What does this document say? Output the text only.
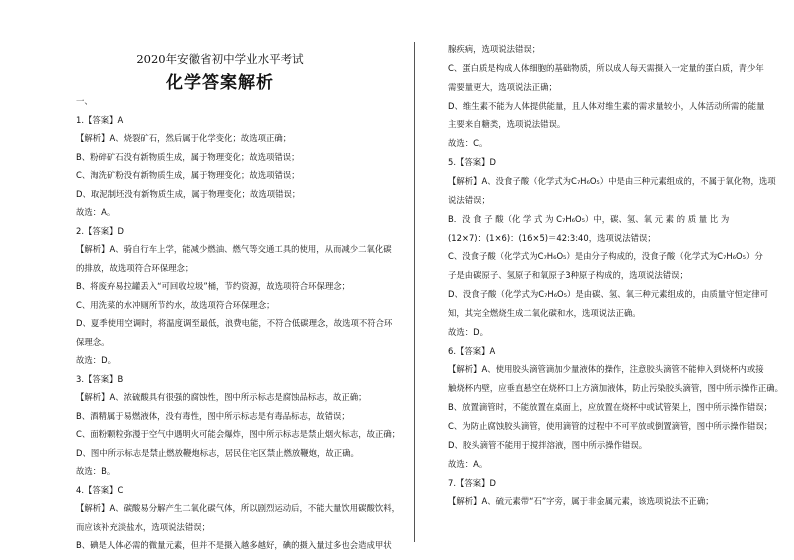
2020年安徽省初中学业水平考试
化学答案解析
一、
1.【答案】A
【解析】A、烧裂矿石，然后属于化学变化；故选项正确；
B、粉碎矿石没有新物质生成，属于物理变化；故选项错误；
C、淘洗矿粉没有新物质生成，属于物理变化；故选项错误；
D、取泥制坯没有新物质生成，属于物理变化；故选项错误；
故选：A。
2.【答案】D
【解析】A、骑自行车上学，能减少燃油、燃气等交通工具的使用，从而减少二氧化碳
的排放，故选项符合环保理念；
B、将废弃易拉罐丢入“可回收垃圾”桶，节约资源，故选项符合环保理念；
C、用洗菜的水冲厕所节约水，故选项符合环保理念；
D、夏季使用空调时，将温度调至最低，浪费电能，不符合低碳理念，故选项不符合环
保理念。
故选：D。
3.【答案】B
【解析】A、浓硫酸具有很强的腐蚀性，图中所示标志是腐蚀品标志，故正确；
B、酒精属于易燃液体，没有毒性，图中所示标志是有毒品标志，故错误；
C、面粉颗粒弥漫于空气中遇明火可能会爆炸，图中所示标志是禁止烟火标志，故正确；
D、图中所示标志是禁止燃放鞭炮标志，居民住宅区禁止燃放鞭炮，故正确。
故选：B。
4.【答案】C
【解析】A、碳酸易分解产生二氧化碳气体，所以剧烈运动后，不能大量饮用碳酸饮料，
而应该补充淡盐水，选项说法错误；
B、碘是人体必需的微量元素，但并不是摄入越多越好，碘的摄入量过多也会造成甲状
腺疾病，选项说法错误；
C、蛋白质是构成人体细胞的基础物质，所以成人每天需摄入一定量的蛋白质，青少年
需要量更大，选项说法正确；
D、维生素不能为人体提供能量，且人体对维生素的需求量较小，人体活动所需的能量
主要来自糖类，选项说法错误。
故选：C。
5.【答案】D
【解析】A、没食子酸（化学式为C₇H₆O₅）中是由三种元素组成的，不属于氧化物，选项
说法错误；
B．没 食 子 酸（化 学 式 为 C₇H₆O₅）中，碳、氢、氧 元 素 的 质 量 比 为
(12×7)：(1×6)：(16×5)＝42:3:40，选项说法错误；
C、没食子酸（化学式为C₇H₆O₅）是由分子构成的，没食子酸（化学式为C₇H₆O₅）分
子是由碳原子、氢原子和氧原子3种原子构成的，选项说法错误；
D、没食子酸（化学式为C₇H₆O₅）是由碳、氢、氧三种元素组成的，由质量守恒定律可
知，其完全燃烧生成二氧化碳和水，选项说法正确。
故选：D。
6.【答案】A
【解析】A、使用胶头滴管滴加少量液体的操作，注意胶头滴管不能伸入到烧杯内或接
触烧杯内壁，应垂直悬空在烧杯口上方滴加液体，防止污染胶头滴管，图中所示操作正确。
B、放置滴管时，不能放置在桌面上，应放置在烧杯中或试管架上，图中所示操作错误；
C、为防止腐蚀胶头滴管，使用滴管的过程中不可平放或倒置滴管，图中所示操作错误；
D、胶头滴管不能用于搅拌溶液，图中所示操作错误。
故选：A。
7.【答案】D
【解析】A、硫元素带“石”字旁，属于非金属元素，该选项说法不正确；
